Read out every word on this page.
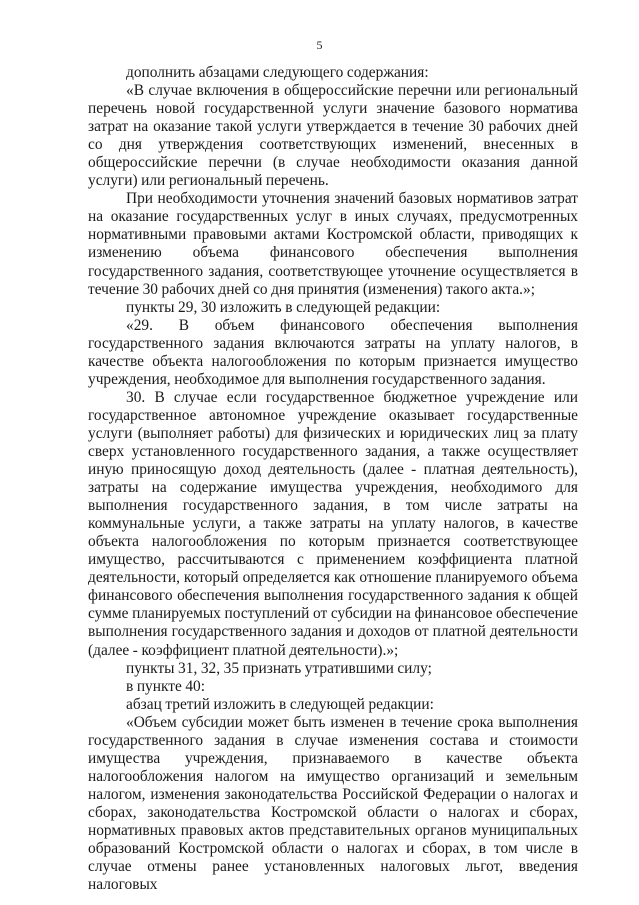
5

дополнить абзацами следующего содержания:

«В случае включения в общероссийские перечни или региональный перечень новой государственной услуги значение базового норматива затрат на оказание такой услуги утверждается в течение 30 рабочих дней со дня утверждения соответствующих изменений, внесенных в общероссийские перечни (в случае необходимости оказания данной услуги) или региональный перечень.

При необходимости уточнения значений базовых нормативов затрат на оказание государственных услуг в иных случаях, предусмотренных нормативными правовыми актами Костромской области, приводящих к изменению объема финансового обеспечения выполнения государственного задания, соответствующее уточнение осуществляется в течение 30 рабочих дней со дня принятия (изменения) такого акта.»;

пункты 29, 30 изложить в следующей редакции:

«29. В объем финансового обеспечения выполнения государственного задания включаются затраты на уплату налогов, в качестве объекта налогообложения по которым признается имущество учреждения, необходимое для выполнения государственного задания.

30. В случае если государственное бюджетное учреждение или государственное автономное учреждение оказывает государственные услуги (выполняет работы) для физических и юридических лиц за плату сверх установленного государственного задания, а также осуществляет иную приносящую доход деятельность (далее - платная деятельность), затраты на содержание имущества учреждения, необходимого для выполнения государственного задания, в том числе затраты на коммунальные услуги, а также затраты на уплату налогов, в качестве объекта налогообложения по которым признается соответствующее имущество, рассчитываются с применением коэффициента платной деятельности, который определяется как отношение планируемого объема финансового обеспечения выполнения государственного задания к общей сумме планируемых поступлений от субсидии на финансовое обеспечение выполнения государственного задания и доходов от платной деятельности (далее - коэффициент платной деятельности).»;

пункты 31, 32, 35 признать утратившими силу;

в пункте 40:

абзац третий изложить в следующей редакции:

«Объем субсидии может быть изменен в течение срока выполнения государственного задания в случае изменения состава и стоимости имущества учреждения, признаваемого в качестве объекта налогообложения налогом на имущество организаций и земельным налогом, изменения законодательства Российской Федерации о налогах и сборах, законодательства Костромской области о налогах и сборах, нормативных правовых актов представительных органов муниципальных образований Костромской области о налогах и сборах, в том числе в случае отмены ранее установленных налоговых льгот, введения налоговых
